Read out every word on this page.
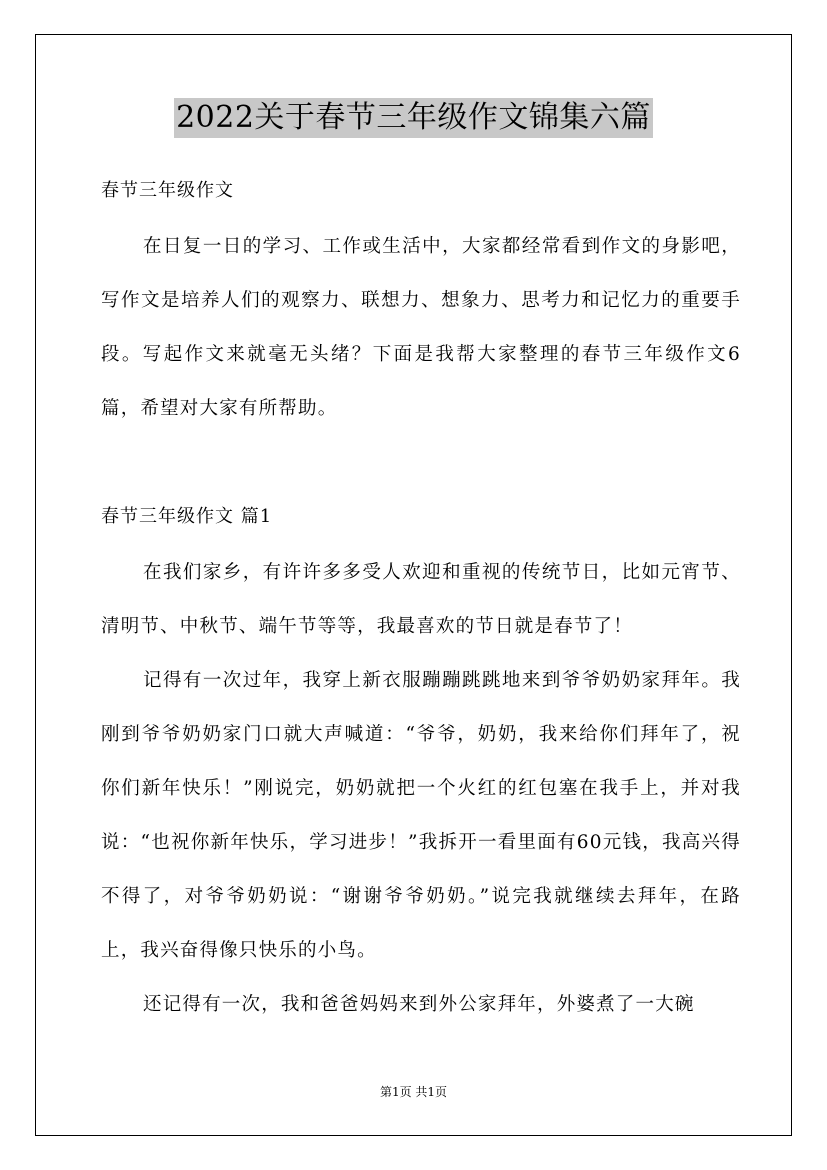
2022关于春节三年级作文锦集六篇
春节三年级作文

在日复一日的学习、工作或生活中，大家都经常看到作文的身影吧，写作文是培养人们的观察力、联想力、想象力、思考力和记忆力的重要手段。写起作文来就毫无头绪？下面是我帮大家整理的春节三年级作文6篇，希望对大家有所帮助。

春节三年级作文 篇1

在我们家乡，有许许多多受人欢迎和重视的传统节日，比如元宵节、清明节、中秋节、端午节等等，我最喜欢的节日就是春节了！

记得有一次过年，我穿上新衣服蹦蹦跳跳地来到爷爷奶奶家拜年。我刚到爷爷奶奶家门口就大声喊道：“爷爷，奶奶，我来给你们拜年了，祝你们新年快乐！”刚说完，奶奶就把一个火红的红包塞在我手上，并对我说：“也祝你新年快乐，学习进步！”我拆开一看里面有60元钱，我高兴得不得了，对爷爷奶奶说：“谢谢爷爷奶奶。”说完我就继续去拜年，在路上，我兴奋得像只快乐的小鸟。

还记得有一次，我和爸爸妈妈来到外公家拜年，外婆煮了一大碗

第1页 共1页
